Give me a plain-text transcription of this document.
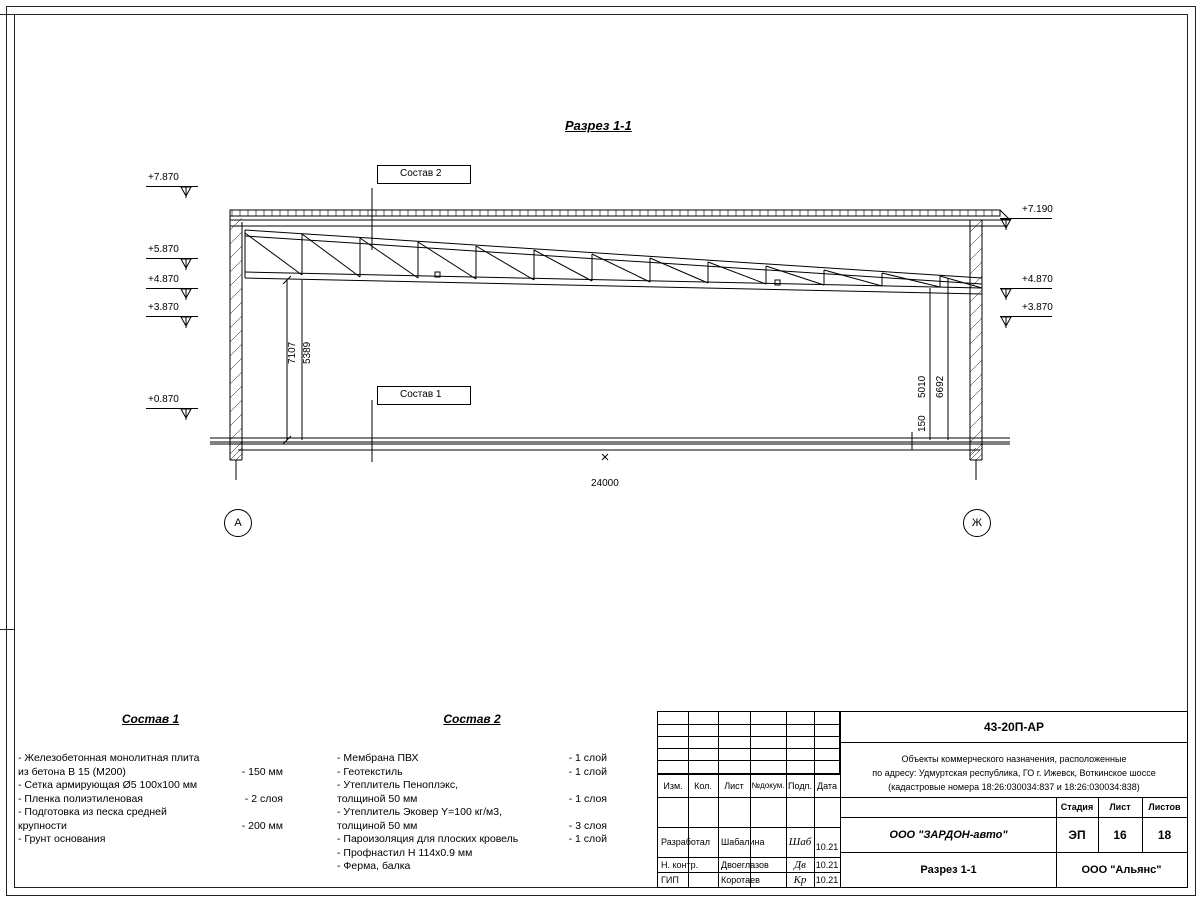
Разрез 1-1
А	Ж
24000
7107 5389
5010 6692
150
Состав 2
Состав 1
+7.870
+5.870
+4.870
+3.870
+0.870
+7.190
+4.870
+3.870
Состав 1
- Железобетонная монолитная плита
из бетона В 15 (М200)	- 150 мм
- Сетка армирующая Ø5 100х100 мм
- Пленка полиэтиленовая	- 2 слоя
- Подготовка из песка средней
крупности	- 200 мм
- Грунт основания
Состав 2
- Мембрана ПВХ	- 1 слой
- Геотекстиль	- 1 слой
- Утеплитель Пеноплэкс,
толщиной 50 мм	- 1 слоя
- Утеплитель Эковер Y=100 кг/м3,
толщиной 50 мм	- 3 слоя
- Пароизоляция для плоских кровель	- 1 слой
- Профнастил Н 114х0.9 мм
- Ферма, балка
Изм.	Кол.	Лист №докум. Подп. Дата
Разработал	Шабалина	Шаб 10.21
Н. контр.	Двоеглазов	Дв	10.21
ГИП	Коротаев	Кр	10.21
43-20П-АР
Объекты коммерческого назначения, расположенные
по адресу: Удмуртская республика, ГО г. Ижевск, Воткинское шоссе
(кадастровые номера 18:26:030034:837 и 18:26:030034:838)
ООО "ЗАРДОН-авто"
Разрез 1-1
Стадия	Лист	Листов
ЭП	16	18
ООО "Альянс"
